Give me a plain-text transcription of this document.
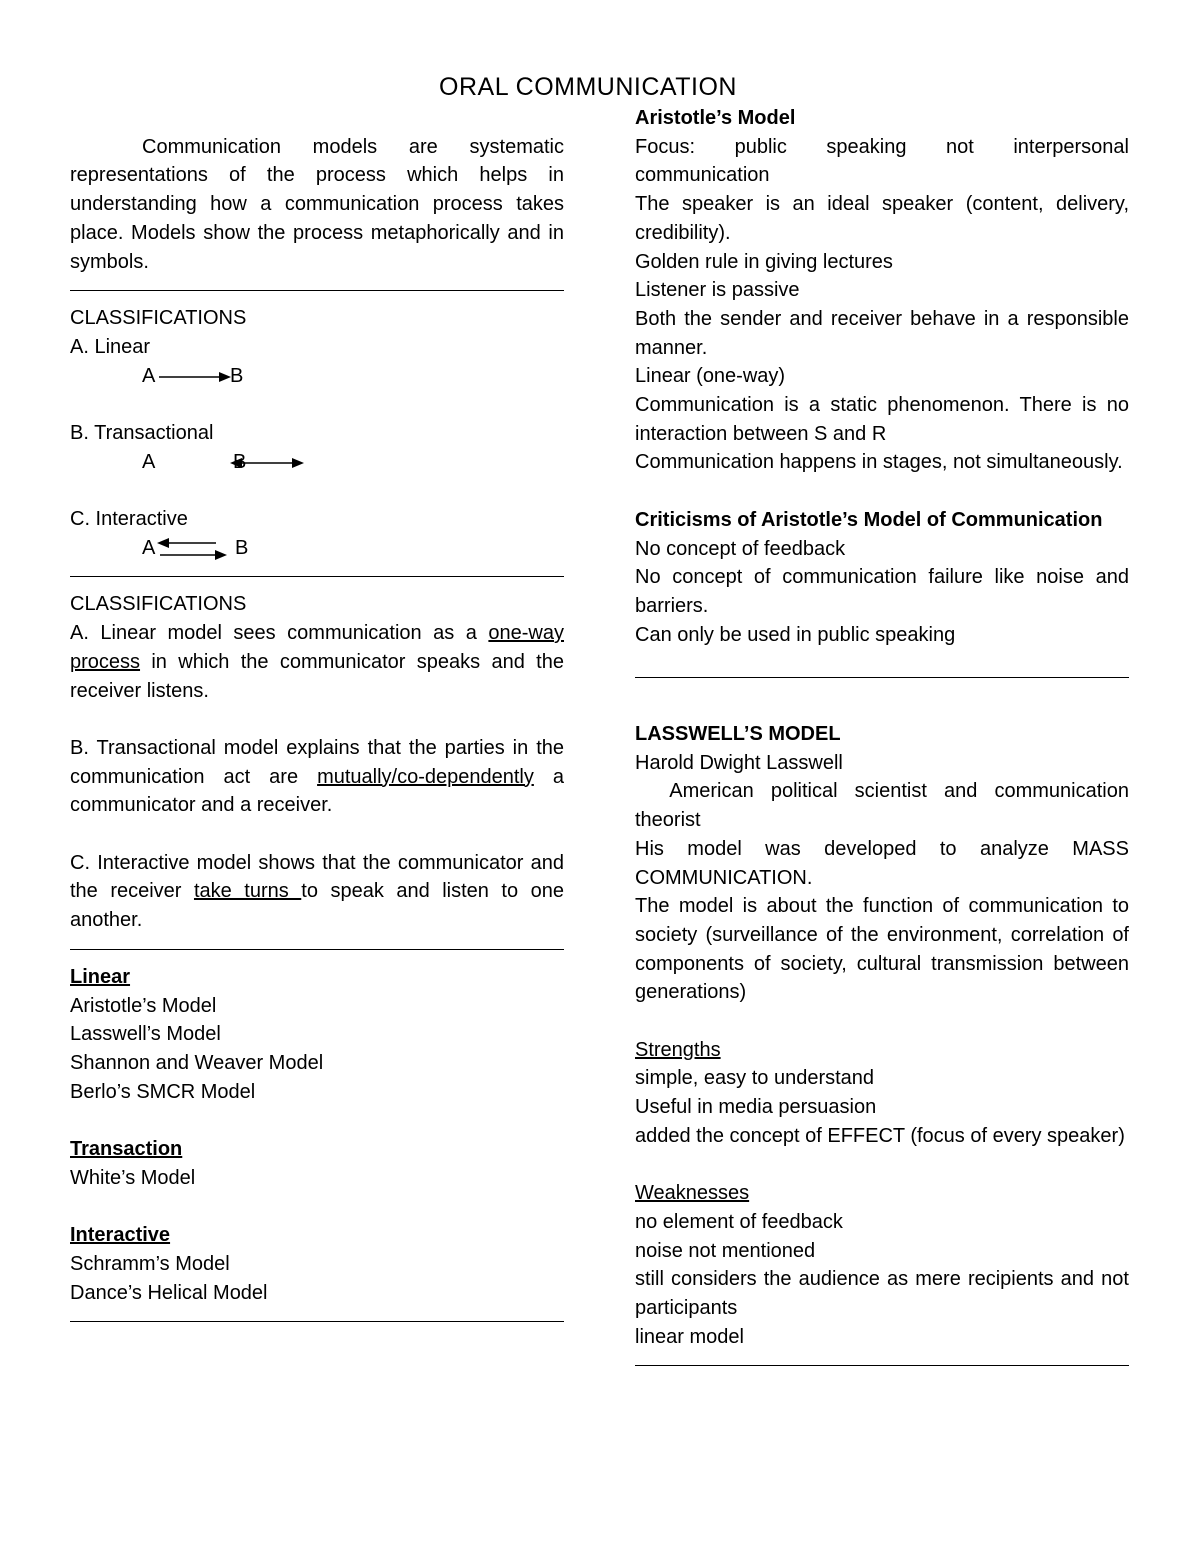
ORAL COMMUNICATION

Communication models are systematic representations of the process which helps in understanding how a communication process takes place. Models show the process metaphorically and in symbols.

CLASSIFICATIONS

A. Linear

A	B

B. Transactional

A	B

C. Interactive

A	B

CLASSIFICATIONS

A. Linear model sees communication as a one-way process in which the communicator speaks and the receiver listens.

B. Transactional model explains that the parties in the communication act are mutually/co-dependently a communicator and a receiver.

C. Interactive model shows that the communicator and the receiver take turns to speak and listen to one another.

Linear

Aristotle’s Model

Lasswell’s Model

Shannon and Weaver Model

Berlo’s SMCR Model

Transaction

White’s Model

Interactive

Schramm’s Model

Dance’s Helical Model

Aristotle’s Model

Focus: public speaking not interpersonal communication

The speaker is an ideal speaker (content, delivery, credibility).

Golden rule in giving lectures

Listener is passive

Both the sender and receiver behave in a responsible manner.

Linear (one-way)

Communication is a static phenomenon. There is no interaction between S and R

Communication happens in stages, not simultaneously.

Criticisms of Aristotle’s Model of Communication

No concept of feedback

No concept of communication failure like noise and barriers.

Can only be used in public speaking

LASSWELL’S MODEL

Harold Dwight Lasswell

American political scientist and communication theorist

His model was developed to analyze MASS COMMUNICATION.

The model is about the function of communication to society (surveillance of the environment, correlation of components of society, cultural transmission between generations)

Strengths

simple, easy to understand

Useful in media persuasion

added the concept of EFFECT (focus of every speaker)

Weaknesses

no element of feedback

noise not mentioned

still considers the audience as mere recipients and not participants

linear model
